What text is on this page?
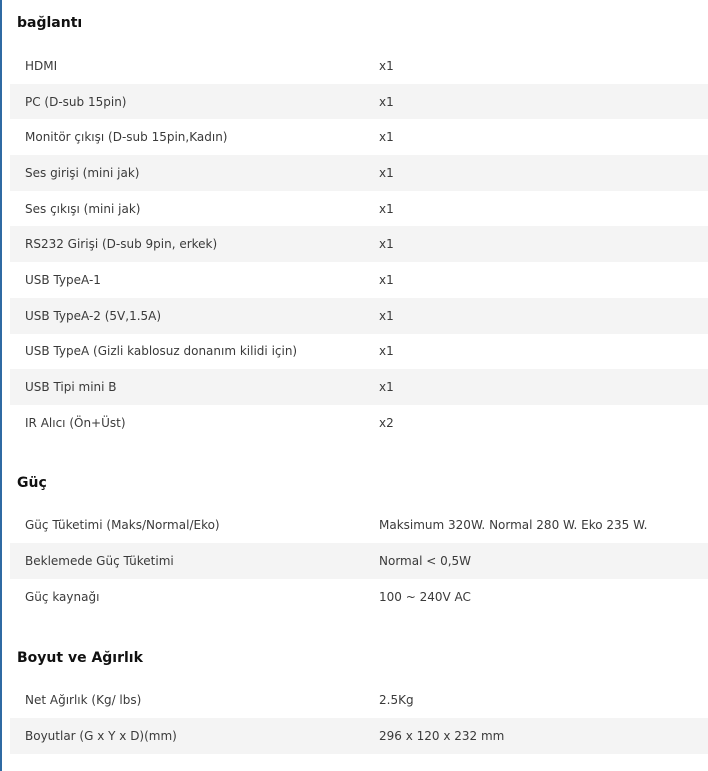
bağlantı
HDMI	x1
PC (D-sub 15pin)	x1
Monitör çıkışı (D-sub 15pin,Kadın)	x1
Ses girişi (mini jak)	x1
Ses çıkışı (mini jak)	x1
RS232 Girişi (D-sub 9pin, erkek)	x1
USB TypeA-1	x1
USB TypeA-2 (5V,1.5A)	x1
USB TypeA (Gizli kablosuz donanım kilidi için)	x1
USB Tipi mini B	x1
IR Alıcı (Ön+Üst)	x2
Güç
Güç Tüketimi (Maks/Normal/Eko)	Maksimum 320W. Normal 280 W. Eko 235 W.
Beklemede Güç Tüketimi	Normal < 0,5W
Güç kaynağı	100 ~ 240V AC
Boyut ve Ağırlık
Net Ağırlık (Kg/ lbs)	2.5Kg
Boyutlar (G x Y x D)(mm)	296 x 120 x 232 mm
